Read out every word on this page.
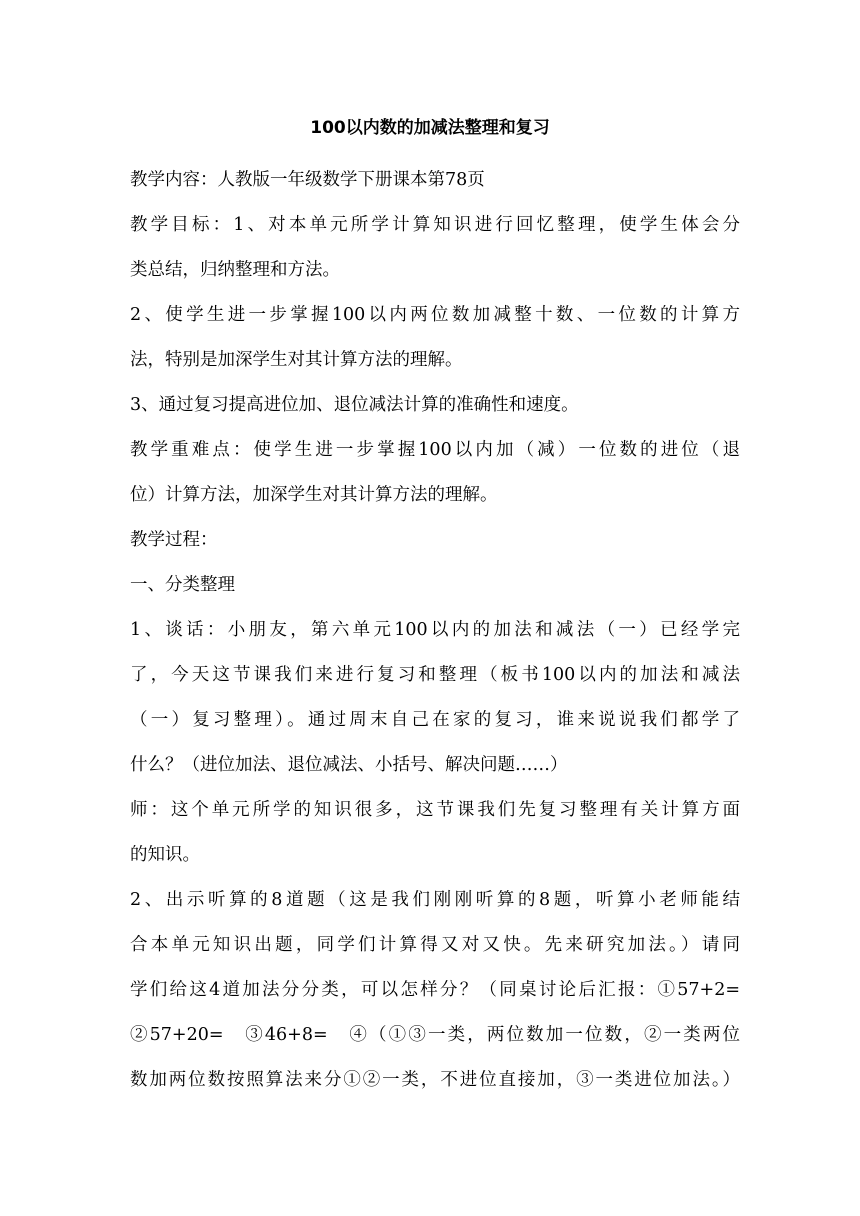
100以内数的加减法整理和复习
教学内容：人教版一年级数学下册课本第78页
教学目标：1、对本单元所学计算知识进行回忆整理，使学生体会分
类总结，归纳整理和方法。
2、使学生进一步掌握100以内两位数加减整十数、一位数的计算方
法，特别是加深学生对其计算方法的理解。
3、通过复习提高进位加、退位减法计算的准确性和速度。
教学重难点：使学生进一步掌握100以内加（减）一位数的进位（退
位）计算方法，加深学生对其计算方法的理解。
教学过程：
一、分类整理
1、谈话：小朋友，第六单元100以内的加法和减法（一）已经学完
了，今天这节课我们来进行复习和整理（板书100以内的加法和减法
（一）复习整理）。通过周末自己在家的复习，谁来说说我们都学了
什么？（进位加法、退位减法、小括号、解决问题……）
师：这个单元所学的知识很多，这节课我们先复习整理有关计算方面
的知识。
2、出示听算的8道题（这是我们刚刚听算的8题，听算小老师能结
合本单元知识出题，同学们计算得又对又快。先来研究加法。）请同
学们给这4道加法分分类，可以怎样分？（同桌讨论后汇报：①57+2=
②57+20=　③46+8=　④（①③一类，两位数加一位数，②一类两位
数加两位数按照算法来分①②一类，不进位直接加，③一类进位加法。）
